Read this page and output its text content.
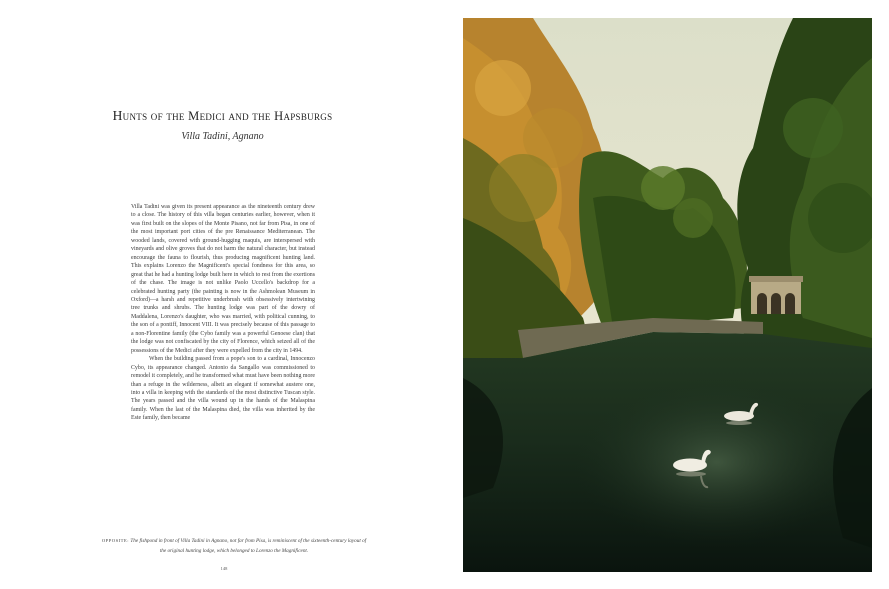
Hunts of the Medici and the Hapsburgs
Villa Tadini, Agnano

Villa Tadini was given its present appearance as the nineteenth century drew to a close. The history of this villa began centuries earlier, however, when it was first built on the slopes of the Monte Pisano, not far from Pisa, in one of the most important port cities of the pre Renaissance Mediterranean. The wooded lands, covered with ground-hugging maquis, are interspersed with vineyards and olive groves that do not harm the natural character, but instead encourage the fauna to flourish, thus producing magnificent hunting land. This explains Lorenzo the Magnificent's special fondness for this area, so great that he had a hunting lodge built here in which to rest from the exertions of the chase. The image is not unlike Paolo Uccello's backdrop for a celebrated hunting party (the painting is now in the Ashmolean Museum in Oxford)—a harsh and repetitive underbrush with obsessively intertwining tree trunks and shrubs. The hunting lodge was part of the dowry of Maddalena, Lorenzo's daughter, who was married, with political cunning, to the son of a pontiff, Innocent VIII. It was precisely because of this passage to a non-Florentine family (the Cybo family was a powerful Genoese clan) that the lodge was not confiscated by the city of Florence, which seized all of the possessions of the Medici after they were expelled from the city in 1494.

When the building passed from a pope's son to a cardinal, Innocenzo Cybo, its appearance changed. Antonio da Sangallo was commissioned to remodel it completely, and he transformed what must have been nothing more than a refuge in the wilderness, albeit an elegant if somewhat austere one, into a villa in keeping with the standards of the most distinctive Tuscan style. The years passed and the villa wound up in the hands of the Malaspina family. When the last of the Malaspina died, the villa was inherited by the Este family, then became

OPPOSITE: The fishpond in front of Villa Tadini in Agnano, not far from Pisa, is reminiscent of the sixteenth-century layout of the original hunting lodge, which belonged to Lorenzo the Magnificent.
148
